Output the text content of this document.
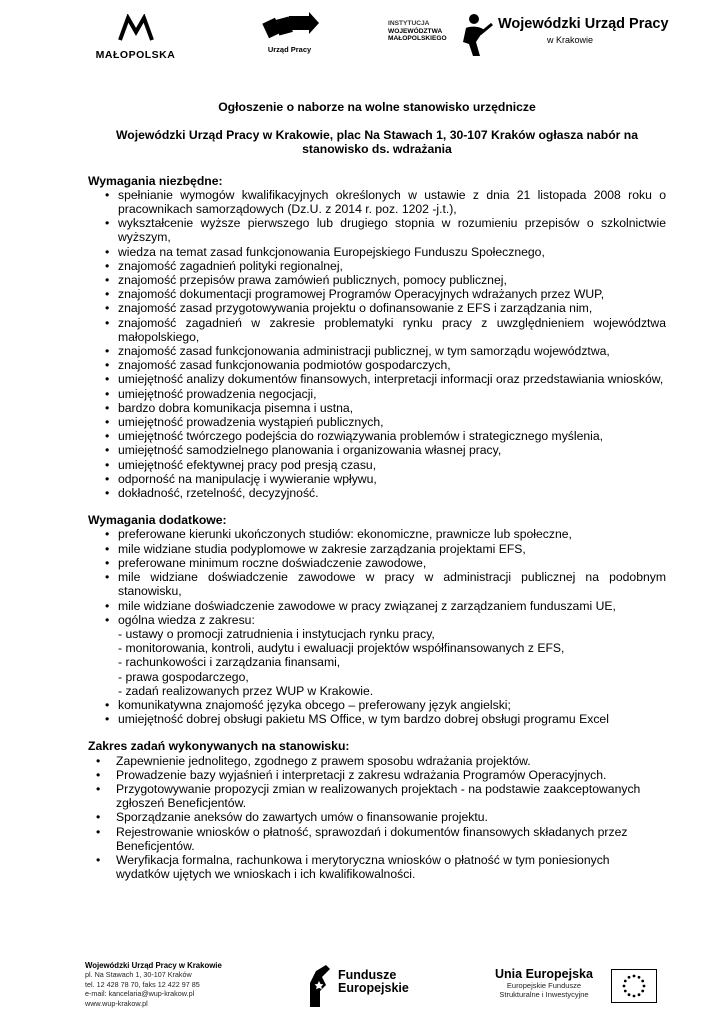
MAŁOPOLSKA	Urząd Pracy
INSTYTUCJA
WOJEWÓDZTWA
MAŁOPOLSKIEGO
Wojewódzki Urząd Pracy
w Krakowie

Ogłoszenie o naborze na wolne stanowisko urzędnicze

Wojewódzki Urząd Pracy w Krakowie, plac Na Stawach 1, 30-107 Kraków ogłasza nabór na stanowisko ds. wdrażania

Wymagania niezbędne:

• spełnianie wymogów kwalifikacyjnych określonych w ustawie z dnia 21 listopada 2008 roku o pracownikach samorządowych (Dz.U. z 2014 r. poz. 1202 -j.t.),
• wykształcenie wyższe pierwszego lub drugiego stopnia w rozumieniu przepisów o szkolnictwie wyższym,
• wiedza na temat zasad funkcjonowania Europejskiego Funduszu Społecznego,
• znajomość zagadnień polityki regionalnej,
• znajomość przepisów prawa zamówień publicznych, pomocy publicznej,
• znajomość dokumentacji programowej Programów Operacyjnych wdrażanych przez WUP,
• znajomość zasad przygotowywania projektu o dofinansowanie z EFS i zarządzania nim,
• znajomość zagadnień w zakresie problematyki rynku pracy z uwzględnieniem województwa małopolskiego,
• znajomość zasad funkcjonowania administracji publicznej, w tym samorządu województwa,
• znajomość zasad funkcjonowania podmiotów gospodarczych,
• umiejętność analizy dokumentów finansowych, interpretacji informacji oraz przedstawiania wniosków,
• umiejętność prowadzenia negocjacji,
• bardzo dobra komunikacja pisemna i ustna,
• umiejętność prowadzenia wystąpień publicznych,
• umiejętność twórczego podejścia do rozwiązywania problemów i strategicznego myślenia,
• umiejętność samodzielnego planowania i organizowania własnej pracy,
• umiejętność efektywnej pracy pod presją czasu,
• odporność na manipulację i wywieranie wpływu,
• dokładność, rzetelność, decyzyjność.

Wymagania dodatkowe:

• preferowane kierunki ukończonych studiów: ekonomiczne, prawnicze lub społeczne,
• mile widziane studia podyplomowe w zakresie zarządzania projektami EFS,
• preferowane minimum roczne doświadczenie zawodowe,
• mile widziane doświadczenie zawodowe w pracy w administracji publicznej na podobnym stanowisku,
• mile widziane doświadczenie zawodowe w pracy związanej z zarządzaniem funduszami UE,
• ogólna wiedza z zakresu:
- ustawy o promocji zatrudnienia i instytucjach rynku pracy,
- monitorowania, kontroli, audytu i ewaluacji projektów współfinansowanych z EFS,
- rachunkowości i zarządzania finansami,
- prawa gospodarczego,
- zadań realizowanych przez WUP w Krakowie.
• komunikatywna znajomość języka obcego – preferowany język angielski;
• umiejętność dobrej obsługi pakietu MS Office, w tym bardzo dobrej obsługi programu Excel

Zakres zadań wykonywanych na stanowisku:

• Zapewnienie jednolitego, zgodnego z prawem sposobu wdrażania projektów.
• Prowadzenie bazy wyjaśnień i interpretacji z zakresu wdrażania Programów Operacyjnych.
• Przygotowywanie propozycji zmian w realizowanych projektach - na podstawie zaakceptowanych zgłoszeń Beneficjentów.
• Sporządzanie aneksów do zawartych umów o finansowanie projektu.
• Rejestrowanie wniosków o płatność, sprawozdań i dokumentów finansowych składanych przez Beneficjentów.
• Weryfikacja formalna, rachunkowa i merytoryczna wniosków o płatność w tym poniesionych wydatków ujętych we wnioskach i ich kwalifikowalności.
Wojewódzki Urząd Pracy w Krakowie
pl. Na Stawach 1, 30-107 Kraków
tel. 12 428 78 70, faks 12 422 97 85
e-mail: kancelaria@wup-krakow.pl
www.wup-krakow.pl
Fundusze
Europejskie
Unia Europejska
Europejskie Fundusze
Strukturalne i Inwestycyjne
